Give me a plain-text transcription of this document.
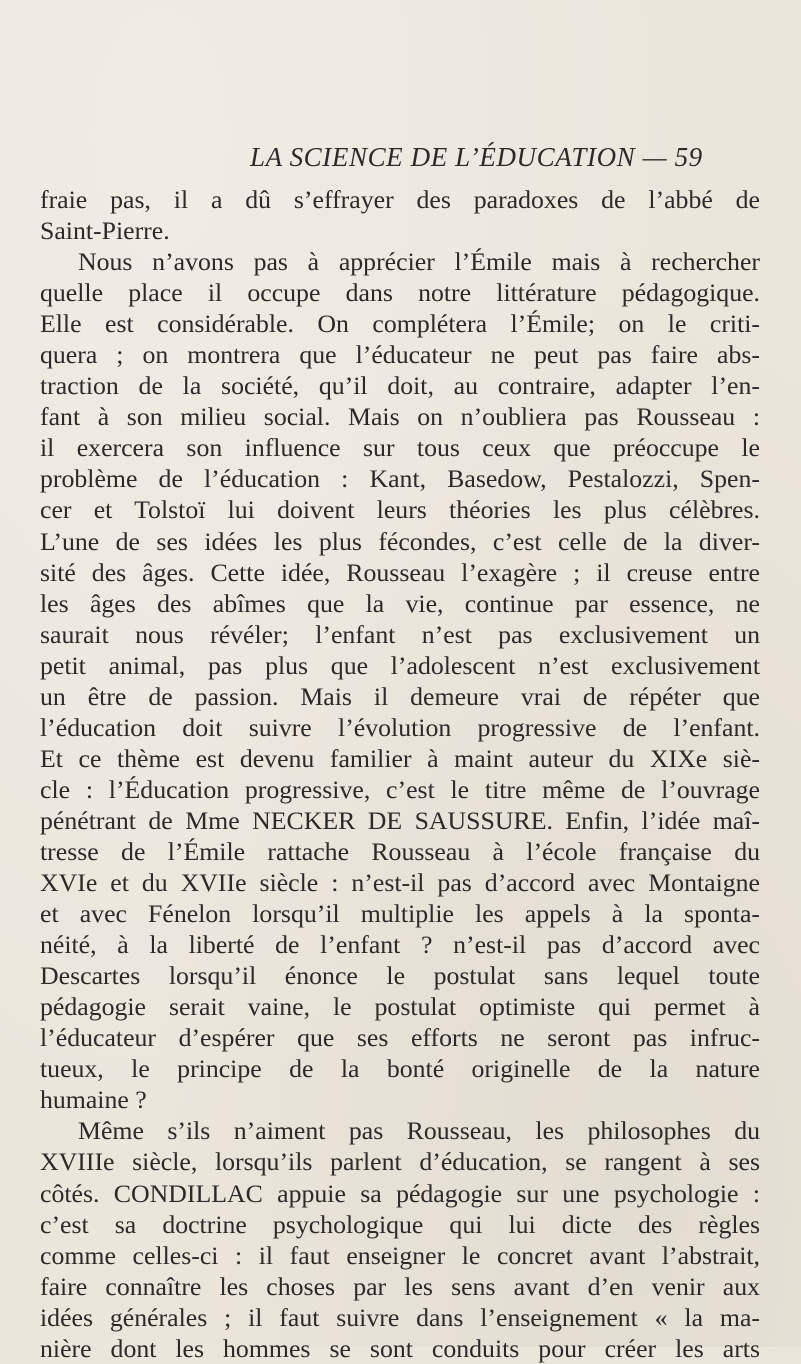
LA SCIENCE DE L’ÉDUCATION — 59
fraie pas, il a dû s’effrayer des paradoxes de l’abbé de
Saint-Pierre.
Nous n’avons pas à apprécier l’Émile mais à rechercher
quelle place il occupe dans notre littérature pédagogique.
Elle est considérable. On complétera l’Émile; on le criti-
quera ; on montrera que l’éducateur ne peut pas faire abs-
traction de la société, qu’il doit, au contraire, adapter l’en-
fant à son milieu social. Mais on n’oubliera pas Rousseau :
il exercera son influence sur tous ceux que préoccupe le
problème de l’éducation : Kant, Basedow, Pestalozzi, Spen-
cer et Tolstoï lui doivent leurs théories les plus célèbres.
L’une de ses idées les plus fécondes, c’est celle de la diver-
sité des âges. Cette idée, Rousseau l’exagère ; il creuse entre
les âges des abîmes que la vie, continue par essence, ne
saurait nous révéler; l’enfant n’est pas exclusivement un
petit animal, pas plus que l’adolescent n’est exclusivement
un être de passion. Mais il demeure vrai de répéter que
l’éducation doit suivre l’évolution progressive de l’enfant.
Et ce thème est devenu familier à maint auteur du XIXe siè-
cle : l’Éducation progressive, c’est le titre même de l’ouvrage
pénétrant de Mme NECKER DE SAUSSURE. Enfin, l’idée maî-
tresse de l’Émile rattache Rousseau à l’école française du
XVIe et du XVIIe siècle : n’est-il pas d’accord avec Montaigne
et avec Fénelon lorsqu’il multiplie les appels à la sponta-
néité, à la liberté de l’enfant ? n’est-il pas d’accord avec
Descartes lorsqu’il énonce le postulat sans lequel toute
pédagogie serait vaine, le postulat optimiste qui permet à
l’éducateur d’espérer que ses efforts ne seront pas infruc-
tueux, le principe de la bonté originelle de la nature
humaine ?
Même s’ils n’aiment pas Rousseau, les philosophes du
XVIIIe siècle, lorsqu’ils parlent d’éducation, se rangent à ses
côtés. CONDILLAC appuie sa pédagogie sur une psychologie :
c’est sa doctrine psychologique qui lui dicte des règles
comme celles-ci : il faut enseigner le concret avant l’abstrait,
faire connaître les choses par les sens avant d’en venir aux
idées générales ; il faut suivre dans l’enseignement « la ma-
nière dont les hommes se sont conduits pour créer les arts
